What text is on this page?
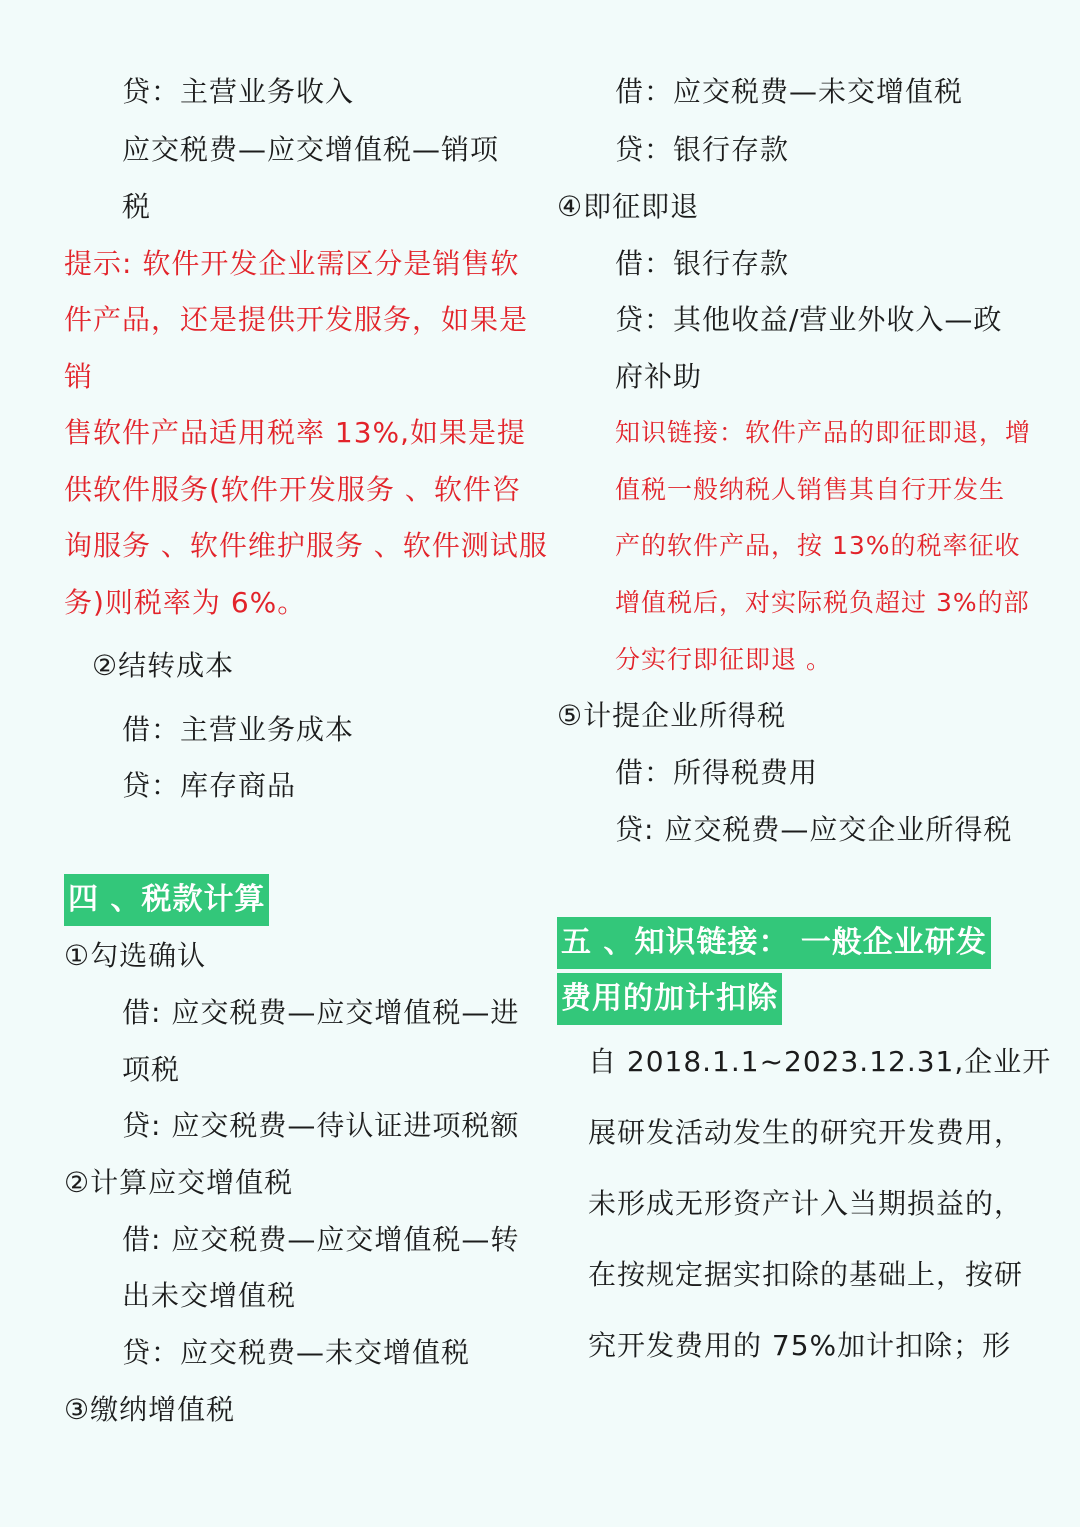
贷：主营业务收入

应交税费—应交增值税—销项

税

提示: 软件开发企业需区分是销售软

件产品，还是提供开发服务，如果是

销

售软件产品适用税率 13%,如果是提

供软件服务(软件开发服务 、软件咨

询服务 、软件维护服务 、软件测试服

务)则税率为 6%。

②结转成本

借：主营业务成本

贷：库存商品

四 、税款计算

①勾选确认

借: 应交税费—应交增值税—进

项税

贷: 应交税费—待认证进项税额

②计算应交增值税

借: 应交税费—应交增值税—转

出未交增值税

贷：应交税费—未交增值税

③缴纳增值税

借：应交税费—未交增值税

贷：银行存款

④即征即退

借：银行存款

贷：其他收益/营业外收入—政

府补助

知识链接：软件产品的即征即退，增

值税一般纳税人销售其自行开发生

产的软件产品，按 13%的税率征收

增值税后，对实际税负超过 3%的部

分实行即征即退 。

⑤计提企业所得税

借：所得税费用

贷: 应交税费—应交企业所得税

五 、知识链接： 一般企业研发
费用的加计扣除

自 2018.1.1~2023.12.31,企业开

展研发活动发生的研究开发费用，

未形成无形资产计入当期损益的，

在按规定据实扣除的基础上，按研

究开发费用的 75%加计扣除；形
